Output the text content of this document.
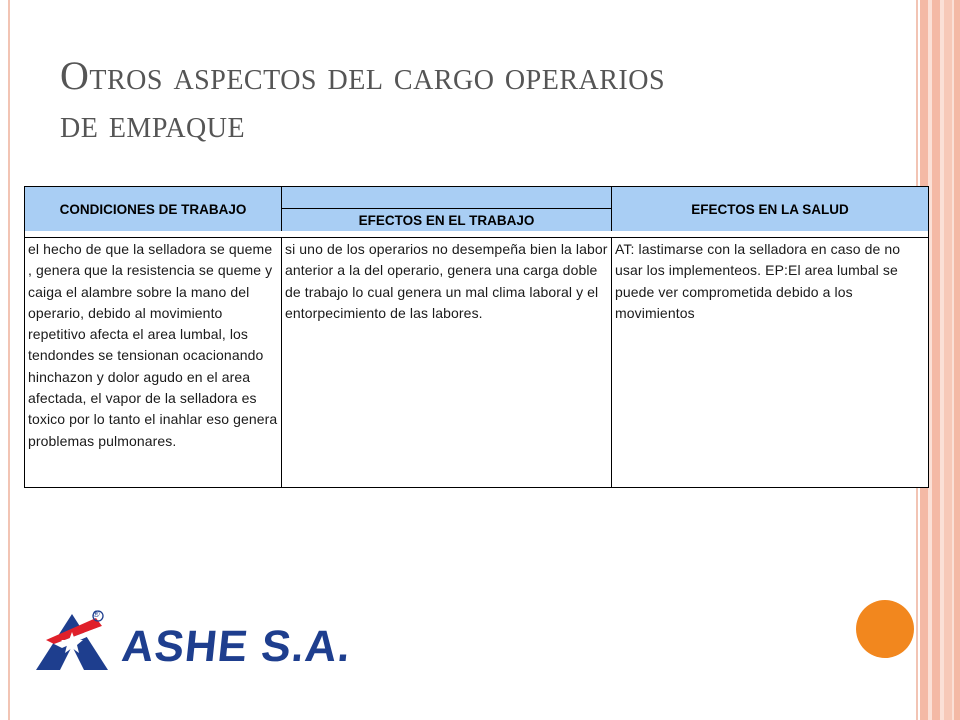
Otros aspectos del cargo operarios
de empaque
CONDICIONES DE TRABAJO
EFECTOS EN EL TRABAJO
EFECTOS EN LA SALUD
el hecho de que la selladora se queme , genera que la resistencia se queme y caiga el alambre sobre la mano del operario, debido al movimiento repetitivo afecta el area lumbal, los tendondes se tensionan ocacionando hinchazon y dolor agudo en el area afectada, el vapor de la selladora es toxico por lo tanto el inahlar eso genera problemas pulmonares.
si uno de los operarios no desempeña bien la labor anterior a la del operario, genera una carga doble de trabajo lo cual genera un mal clima laboral y el entorpecimiento de las labores.
AT: lastimarse con la selladora en caso de no usar los implementeos. EP:El area lumbal se puede ver comprometida debido a los movimientos
®

ASHE S.A.
